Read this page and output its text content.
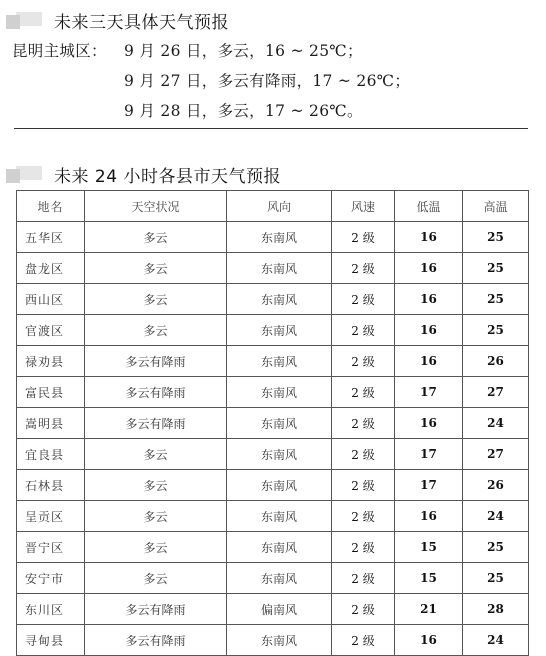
未来三天具体天气预报
昆明主城区：	9 月 26 日，多云，16 ~ 25℃；
9 月 27 日，多云有降雨，17 ~ 26℃；
9 月 28 日，多云，17 ~ 26℃。
未来 24 小时各县市天气预报
地名	天空状况	风向	风速	低温	高温
五华区	多云	东南风	2 级	16	25
盘龙区	多云	东南风	2 级	16	25
西山区	多云	东南风	2 级	16	25
官渡区	多云	东南风	2 级	16	25
禄劝县	多云有降雨	东南风	2 级	16	26
富民县	多云有降雨	东南风	2 级	17	27
嵩明县	多云有降雨	东南风	2 级	16	24
宜良县	多云	东南风	2 级	17	27
石林县	多云	东南风	2 级	17	26
呈贡区	多云	东南风	2 级	16	24
晋宁区	多云	东南风	2 级	15	25
安宁市	多云	东南风	2 级	15	25
东川区	多云有降雨	偏南风	2 级	21	28
寻甸县	多云有降雨	东南风	2 级	16	24
